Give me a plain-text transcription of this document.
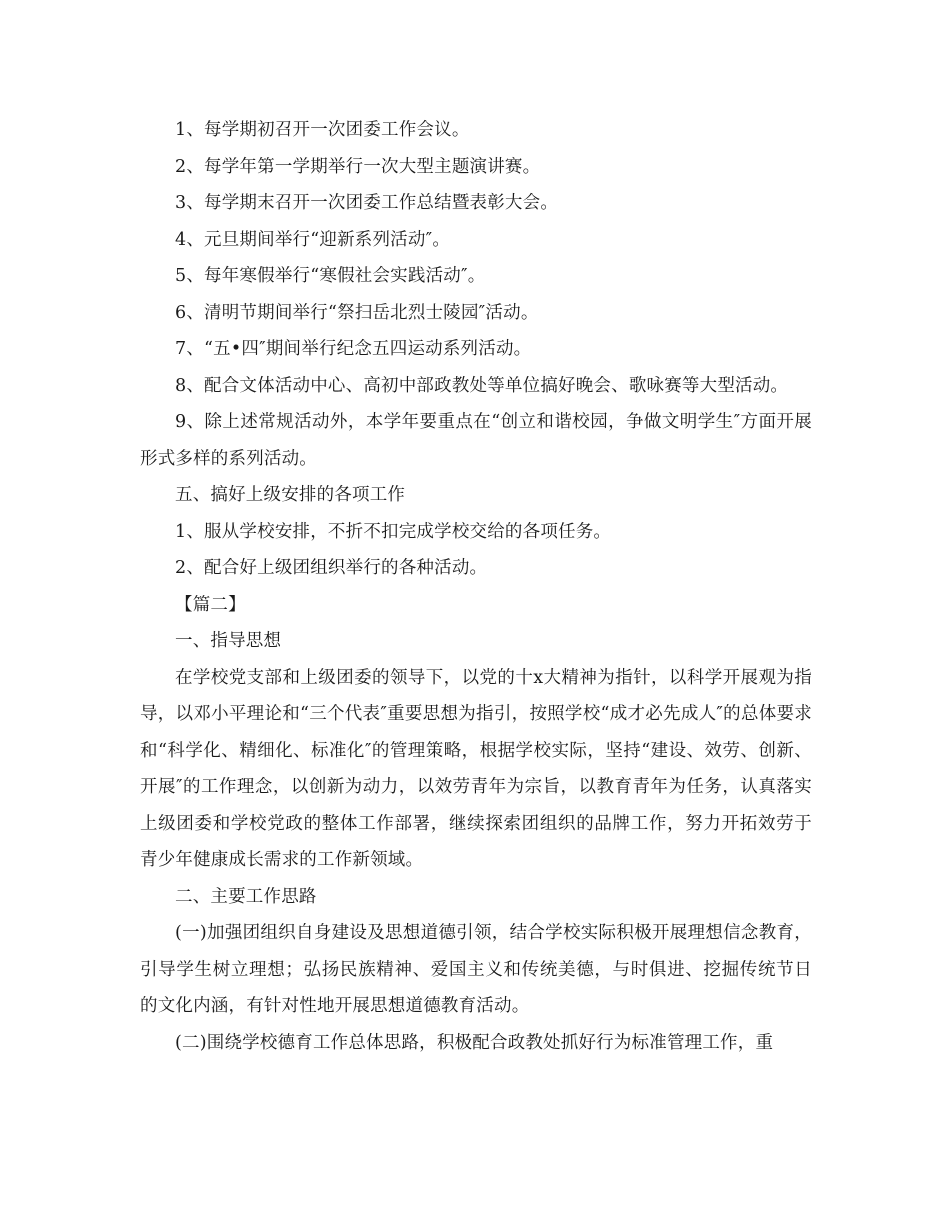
1、每学期初召开一次团委工作会议。

2、每学年第一学期举行一次大型主题演讲赛。

3、每学期末召开一次团委工作总结暨表彰大会。

4、元旦期间举行“迎新系列活动″。

5、每年寒假举行“寒假社会实践活动″。

6、清明节期间举行“祭扫岳北烈士陵园″活动。

7、“五•四″期间举行纪念五四运动系列活动。

8、配合文体活动中心、高初中部政教处等单位搞好晚会、歌咏赛等大型活动。

9、除上述常规活动外，本学年要重点在“创立和谐校园，争做文明学生″方面开展形式多样的系列活动。

五、搞好上级安排的各项工作

1、服从学校安排，不折不扣完成学校交给的各项任务。

2、配合好上级团组织举行的各种活动。

【篇二】

一、指导思想

在学校党支部和上级团委的领导下，以党的十x大精神为指针，以科学开展观为指导，以邓小平理论和“三个代表″重要思想为指引，按照学校“成才必先成人″的总体要求和“科学化、精细化、标准化″的管理策略，根据学校实际，坚持“建设、效劳、创新、开展″的工作理念，以创新为动力，以效劳青年为宗旨，以教育青年为任务，认真落实上级团委和学校党政的整体工作部署，继续探索团组织的品牌工作，努力开拓效劳于青少年健康成长需求的工作新领域。

二、主要工作思路

(一)加强团组织自身建设及思想道德引领，结合学校实际积极开展理想信念教育，引导学生树立理想；弘扬民族精神、爱国主义和传统美德，与时俱进、挖掘传统节日的文化内涵，有针对性地开展思想道德教育活动。

(二)围绕学校德育工作总体思路，积极配合政教处抓好行为标准管理工作，重
